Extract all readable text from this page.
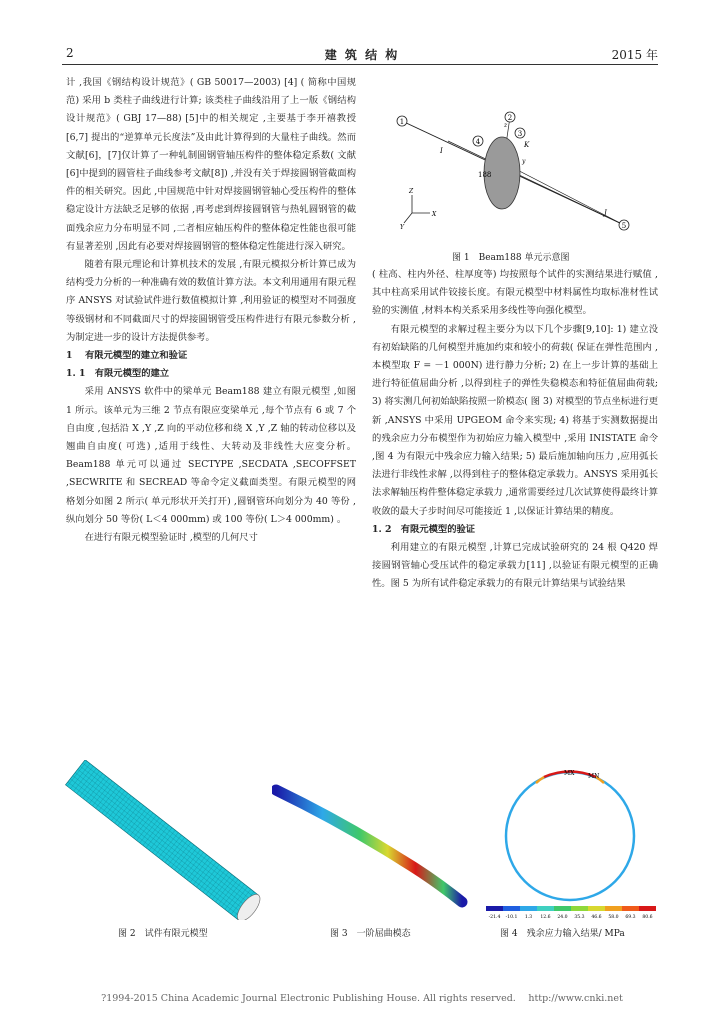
2	建 筑 结 构	2015 年

计 ,我国《钢结构设计规范》( GB 50017—2003) [4] ( 简称中国规范) 采用 b 类柱子曲线进行计算; 该类柱子曲线沿用了上一版《钢结构设计规范》( GBJ 17—88) [5]中的相关规定 ,主要基于李开禧教授[6,7] 提出的“逆算单元长度法”及由此计算得到的大量柱子曲线。然而文献[6]，[7]仅计算了一种轧制圆钢管轴压构件的整体稳定系数( 文献[6]中提到的圆管柱子曲线参考文献[8]) ,并没有关于焊接圆钢管截面构件的相关研究。因此 ,中国规范中针对焊接圆钢管轴心受压构件的整体稳定设计方法缺乏足够的依据 ,再考虑到焊接圆钢管与热轧圆钢管的截面残余应力分布明显不同 ,二者相应轴压构件的整体稳定性能也很可能有显著差别 ,因此有必要对焊接圆钢管的整体稳定性能进行深入研究。

随着有限元理论和计算机技术的发展 ,有限元模拟分析计算已成为结构受力分析的一种准确有效的数值计算方法。本文利用通用有限元程序 ANSYS 对试验试件进行数值模拟计算 ,利用验证的模型对不同强度等级钢材和不同截面尺寸的焊接圆钢管受压构件进行有限元参数分析 ,为制定进一步的设计方法提供参考。

1　 有限元模型的建立和验证

1. 1　有限元模型的建立

采用 ANSYS 软件中的梁单元 Beam188 建立有限元模型 ,如图 1 所示。该单元为三维 2 节点有限应变梁单元 ,每个节点有 6 或 7 个自由度 ,包括沿 X ,Y ,Z 向的平动位移和绕 X ,Y ,Z 轴的转动位移以及翘曲自由度( 可选) ,适用于线性、大转动及非线性大应变分析。Beam188 单元可以通过 SECTYPE ,SECDATA ,SECOFFSET ,SECWRITE 和 SECREAD 等命令定义截面类型。有限元模型的网格划分如图 2 所示( 单元形状开关打开) ,圆钢管环向划分为 40 等份 ,纵向划分 50 等份( L＜4 000mm) 或 100 等份( L＞4 000mm) 。

在进行有限元模型验证时 ,模型的几何尺寸

( 柱高、柱内外径、柱厚度等) 均按照每个试件的实测结果进行赋值 ,其中柱高采用试件铰接长度。有限元模型中材料属性均取标准材性试验的实测值 ,材料本构关系采用多线性等向强化模型。

有限元模型的求解过程主要分为以下几个步骤[9,10]: 1) 建立没有初始缺陷的几何模型并施加约束和较小的荷载( 保证在弹性范围内 ,本模型取 F = －1 000N) 进行静力分析; 2) 在上一步计算的基础上进行特征值屈曲分析 ,以得到柱子的弹性失稳模态和特征值屈曲荷载; 3) 将实测几何初始缺陷按照一阶模态( 图 3) 对模型的节点坐标进行更新 ,ANSYS 中采用 UPGEOM 命令来实现; 4) 将基于实测数据提出的残余应力分布模型作为初始应力输入模型中 ,采用 INISTATE 命令 ,图 4 为有限元中残余应力输入结果; 5) 最后施加轴向压力 ,应用弧长法进行非线性求解 ,以得到柱子的整体稳定承载力。ANSYS 采用弧长法求解轴压构件整体稳定承载力 ,通常需要经过几次试算使得最终计算收敛的最大子步时间尽可能接近 1 ,以保证计算结果的精度。

1. 2　有限元模型的验证

利用建立的有限元模型 ,计算已完成试验研究的 24 根 Q420 焊接圆钢管轴心受压试件的稳定承载力[11] ,以验证有限元模型的正确性。图 5 为所有试件稳定承载力的有限元计算结果与试验结果

1	2
3
4
5
I
J
K
X
Y
Z
z
y
188
图 1　Beam188 单元示意图
图 2　试件有限元模型	图 3　一阶屈曲模态
MX MN
-21.4 -10.1 1.3 12.6 24.0 35.3 46.6 58.0 69.3 80.6
图 4　残余应力输入结果/ MPa
?1994-2015 China Academic Journal Electronic Publishing House. All rights reserved.　 http://www.cnki.net
